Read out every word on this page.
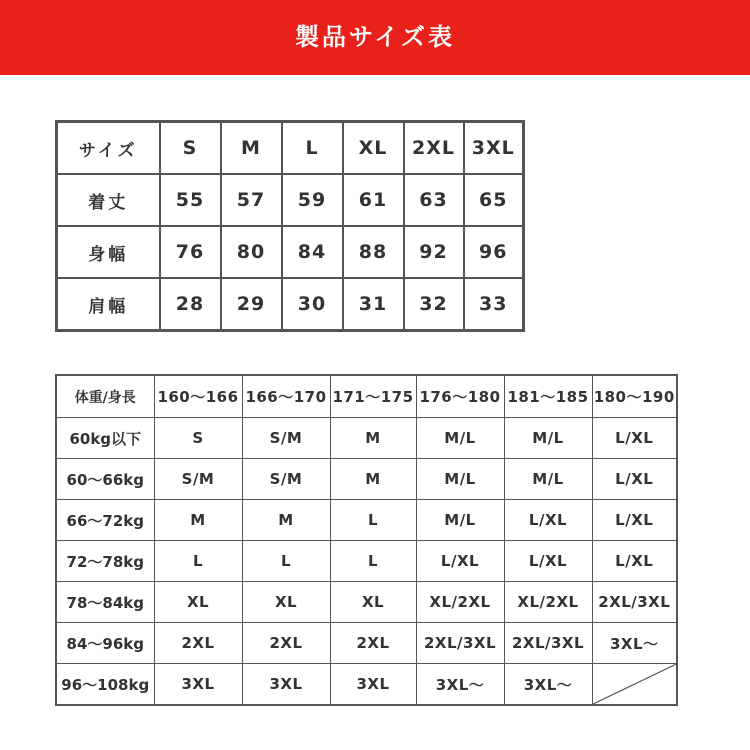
製品サイズ表
サイズ	S	M	L	XL	2XL	3XL
着丈	55	57	59	61	63	65
身幅	76	80	84	88	92	96
肩幅	28	29	30	31	32	33
体重/身長	160～166	166～170	171～175	176～180	181～185	180～190
60kg以下	S	S/M	M	M/L	M/L	L/XL
60～66kg	S/M	S/M	M	M/L	M/L	L/XL
66～72kg	M	M	L	M/L	L/XL	L/XL
72～78kg	L	L	L	L/XL	L/XL	L/XL
78～84kg	XL	XL	XL	XL/2XL	XL/2XL	2XL/3XL
84～96kg	2XL	2XL	2XL	2XL/3XL	2XL/3XL	3XL～
96～108kg	3XL	3XL	3XL	3XL～	3XL～	
